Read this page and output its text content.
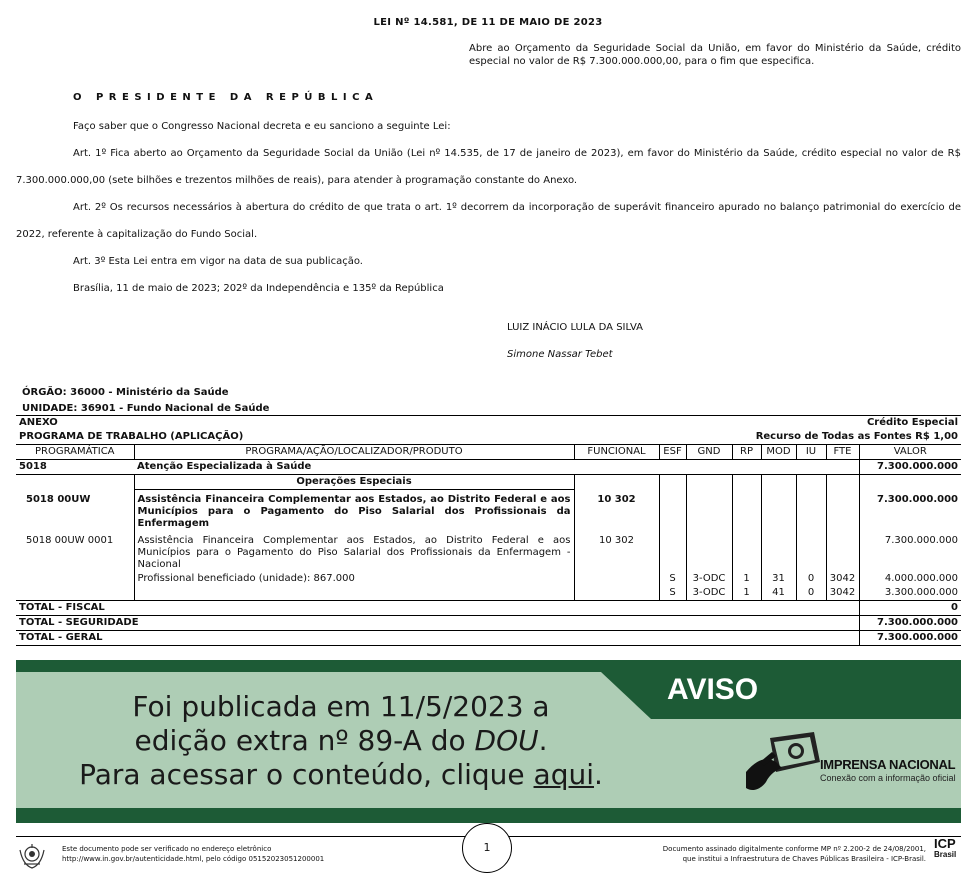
LEI Nº 14.581, DE 11 DE MAIO DE 2023
Abre ao Orçamento da Seguridade Social da União, em favor do Ministério da Saúde, crédito especial no valor de R$ 7.300.000.000,00, para o fim que especifica.
O PRESIDENTE DA REPÚBLICA
Faço saber que o Congresso Nacional decreta e eu sanciono a seguinte Lei:
Art. 1º Fica aberto ao Orçamento da Seguridade Social da União (Lei nº 14.535, de 17 de janeiro de 2023), em favor do Ministério da Saúde, crédito especial no valor de R$ 7.300.000.000,00 (sete bilhões e trezentos milhões de reais), para atender à programação constante do Anexo.
Art. 2º Os recursos necessários à abertura do crédito de que trata o art. 1º decorrem da incorporação de superávit financeiro apurado no balanço patrimonial do exercício de 2022, referente à capitalização do Fundo Social.
Art. 3º Esta Lei entra em vigor na data de sua publicação.
Brasília, 11 de maio de 2023; 202º da Independência e 135º da República
LUIZ INÁCIO LULA DA SILVA
Simone Nassar Tebet
ÓRGÃO: 36000 - Ministério da Saúde
UNIDADE: 36901 - Fundo Nacional de Saúde
ANEXO					Crédito Especial				
PROGRAMA DE TRABALHO (APLICAÇÃO)					Recurso de Todas as Fontes R$ 1,00				
PROGRAMÁTICA	PROGRAMA/AÇÃO/LOCALIZADOR/PRODUTO	FUNCIONAL	ESF	GND	RP	MOD	IU	FTE	VALOR
5018	Atenção Especializada à Saúde								7.300.000.000
	Operações Especiais								
5018 00UW	Assistência Financeira Complementar aos Estados, ao Distrito Federal e aos Municípios para o Pagamento do Piso Salarial dos Profissionais da Enfermagem	10 302							7.300.000.000
5018 00UW 0001	Assistência Financeira Complementar aos Estados, ao Distrito Federal e aos Municípios para o Pagamento do Piso Salarial dos Profissionais da Enfermagem - Nacional	10 302							7.300.000.000
	Profissional beneficiado (unidade): 867.000		S	3-ODC	1	31	0	3042	4.000.000.000
			S	3-ODC	1	41	0	3042	3.300.000.000
TOTAL - FISCAL									0
TOTAL - SEGURIDADE									7.300.000.000
TOTAL - GERAL									7.300.000.000
AVISO
Foi publicada em 11/5/2023 a
edição extra nº 89-A do DOU.
Para acessar o conteúdo, clique aqui.	IMPRENSA NACIONAL
Conexão com a informação oficial
Este documento pode ser verificado no endereço eletrônico
http://www.in.gov.br/autenticidade.html, pelo código 05152023051200001
1	Documento assinado digitalmente conforme MP nº 2.200-2 de 24/08/2001,
que institui a Infraestrutura de Chaves Públicas Brasileira - ICP-Brasil.
ICP
Brasil
